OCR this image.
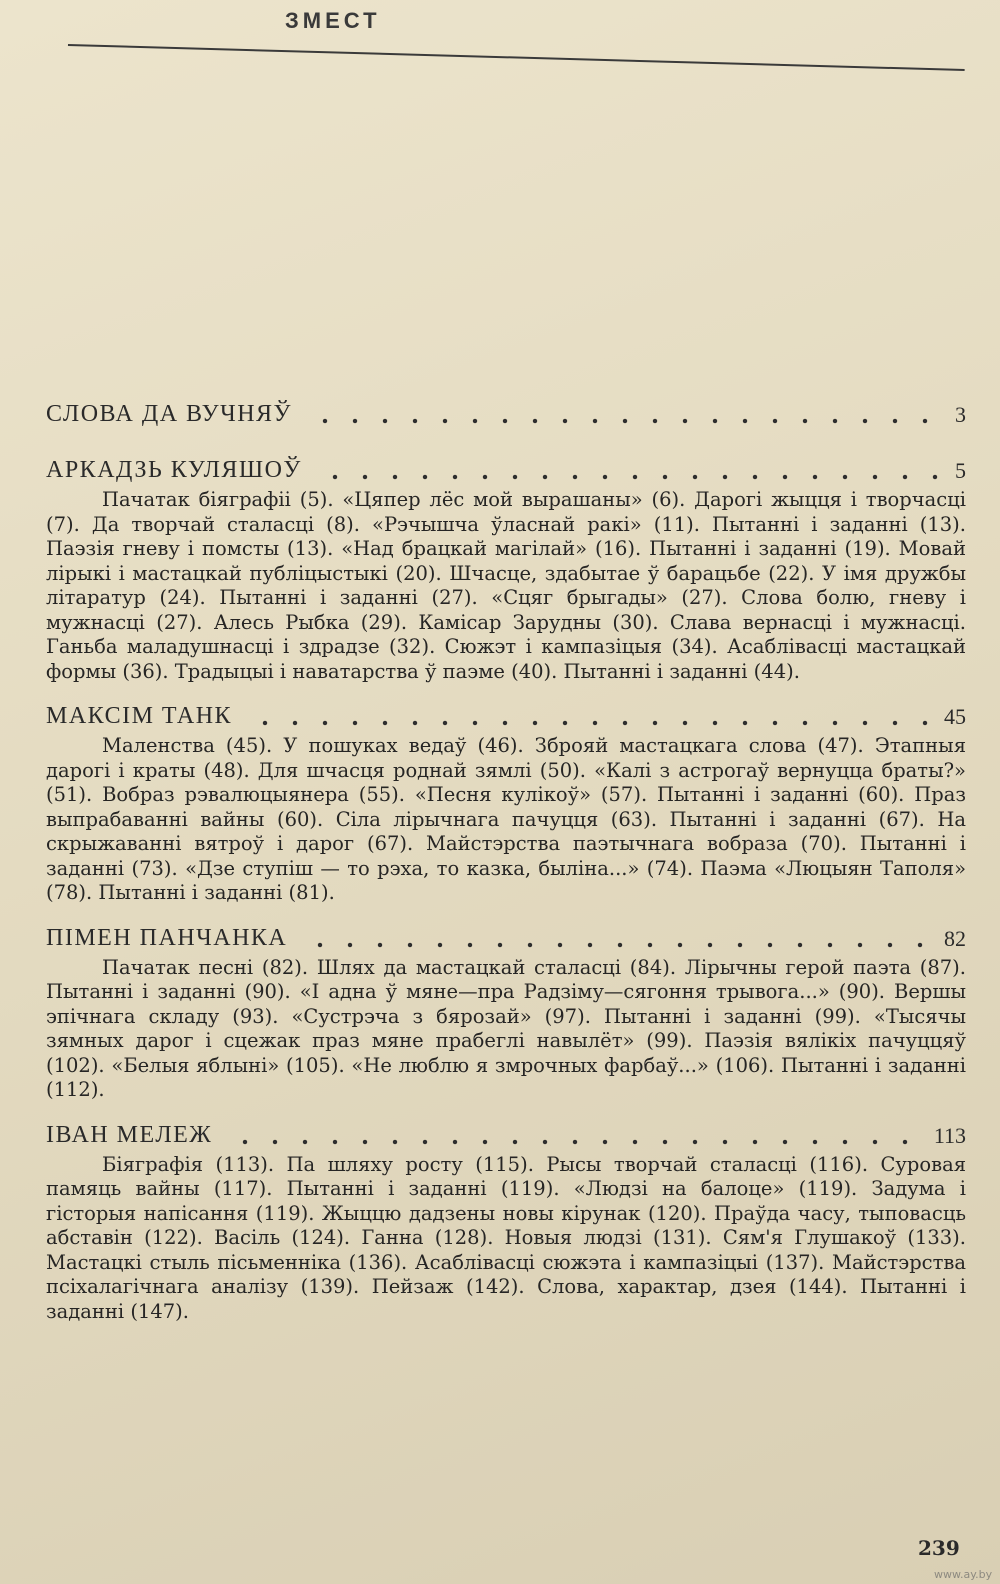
ЗМЕСТ
СЛОВА ДА ВУЧНЯЎ	3
АРКАДЗЬ КУЛЯШОЎ	5

Пачатак біяграфіі (5). «Цяпер лёс мой вырашаны» (6). Дарогі жыцця і творчасці (7). Да творчай сталасці (8). «Рэчышча ўласнай ракі» (11). Пытанні і заданні (13). Паэзія гневу і помсты (13). «Над брацкай магілай» (16). Пытанні і заданні (19). Мовай лірыкі і мастацкай публіцыстыкі (20). Шчасце, здабытае ў барацьбе (22). У імя дружбы літаратур (24). Пытанні і заданні (27). «Сцяг брыгады» (27). Слова болю, гневу і мужнасці (27). Алесь Рыбка (29). Камісар Зарудны (30). Слава вернасці і мужнасці. Ганьба маладушнасці і здрадзе (32). Сюжэт і кампазіцыя (34). Асаблівасці мастацкай формы (36). Традыцыі і наватарства ў паэме (40). Пытанні і заданні (44).

МАКСІМ ТАНК	45

Маленства (45). У пошуках ведаў (46). Зброяй мастацкага слова (47). Этапныя дарогі і краты (48). Для шчасця роднай зямлі (50). «Калі з астрогаў вернуцца браты?» (51). Вобраз рэвалюцыянера (55). «Песня кулікоў» (57). Пытанні і заданні (60). Праз выпрабаванні вайны (60). Сіла лірычнага пачуцця (63). Пытанні і заданні (67). На скрыжаванні вятроў і дарог (67). Майстэрства паэтычнага вобраза (70). Пытанні і заданні (73). «Дзе ступіш — то рэха, то казка, быліна...» (74). Паэма «Люцыян Таполя» (78). Пытанні і заданні (81).

ПІМЕН ПАНЧАНКА	82

Пачатак песні (82). Шлях да мастацкай сталасці (84). Лірычны герой паэта (87). Пытанні і заданні (90). «І адна ў мяне—пра Радзіму—сягоння трывога...» (90). Вершы эпічнага складу (93). «Сустрэча з бярозай» (97). Пытанні і заданні (99). «Тысячы зямных дарог і сцежак праз мяне прабеглі навылёт» (99). Паэзія вялікіх пачуццяў (102). «Белыя яблыні» (105). «Не люблю я змрочных фарбаў...» (106). Пытанні і заданні (112).

ІВАН МЕЛЕЖ	113

Біяграфія (113). Па шляху росту (115). Рысы творчай сталасці (116). Суровая памяць вайны (117). Пытанні і заданні (119). «Людзі на балоце» (119). Задума і гісторыя напісання (119). Жыццю дадзены новы кірунак (120). Праўда часу, тыповасць абставін (122). Васіль (124). Ганна (128). Новыя людзі (131). Сям'я Глушакоў (133). Мастацкі стыль пісьменніка (136). Асаблівасці сюжэта і кампазіцыі (137). Майстэрства псіхалагічнага аналізу (139). Пейзаж (142). Слова, характар, дзея (144). Пытанні і заданні (147).

239
www.ay.by
